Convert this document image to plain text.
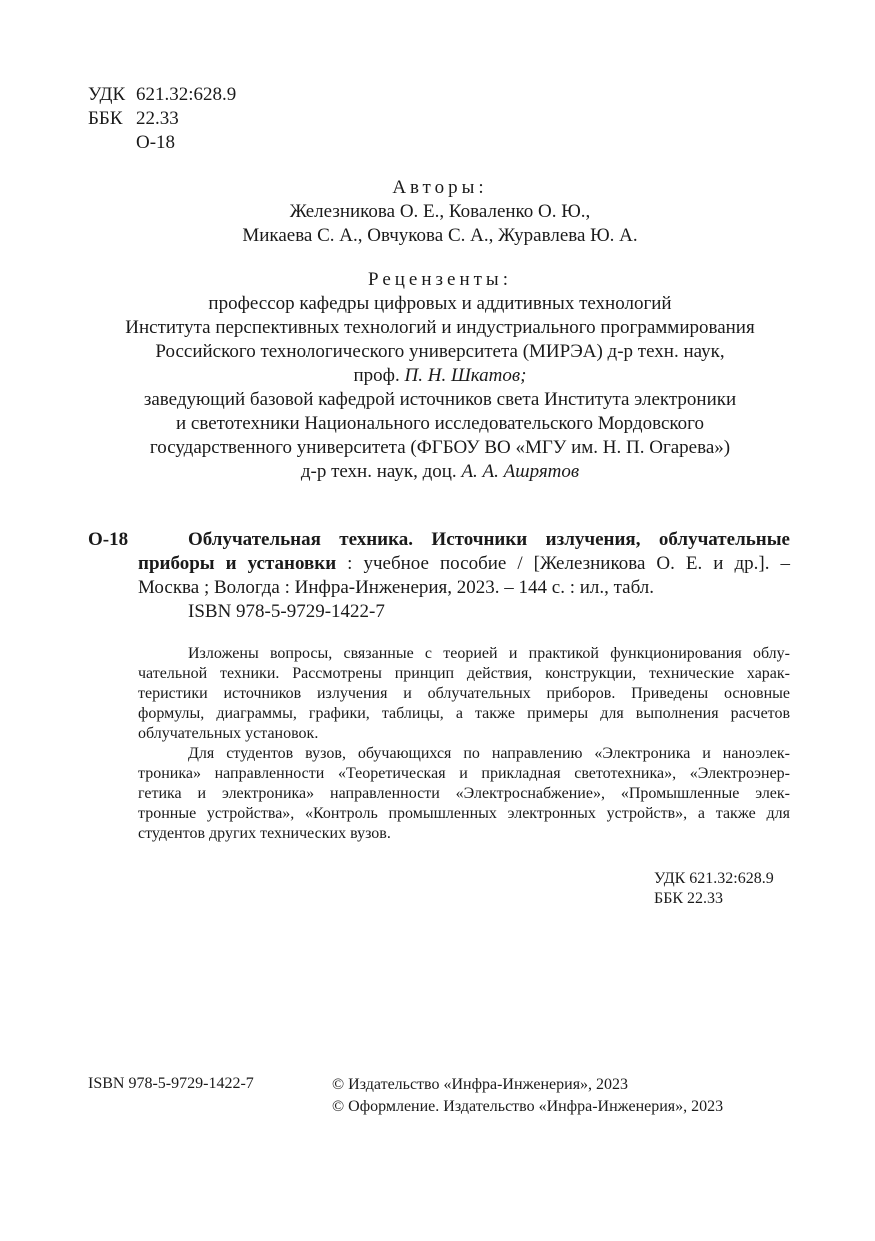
УДК 621.32:628.9
ББК 22.33
О-18
Авторы:
Железникова О. Е., Коваленко О. Ю.,
Микаева С. А., Овчукова С. А., Журавлева Ю. А.
Рецензенты:
профессор кафедры цифровых и аддитивных технологий
Института перспективных технологий и индустриального программирования
Российского технологического университета (МИРЭА) д-р техн. наук,
проф. П. Н. Шкатов;
заведующий базовой кафедрой источников света Института электроники
и светотехники Национального исследовательского Мордовского
государственного университета (ФГБОУ ВО «МГУ им. Н. П. Огарева»)
д-р техн. наук, доц. А. А. Ашрятов
О-18	Облучательная техника. Источники излучения, облучательные
приборы и установки : учебное пособие / [Железникова О. Е. и др.]. –
Москва ; Вологда : Инфра-Инженерия, 2023. – 144 с. : ил., табл.
ISBN 978-5-9729-1422-7
Изложены вопросы, связанные с теорией и практикой функционирования облу-
чательной техники. Рассмотрены принцип действия, конструкции, технические харак-
теристики источников излучения и облучательных приборов. Приведены основные
формулы, диаграммы, графики, таблицы, а также примеры для выполнения расчетов
облучательных установок.
Для студентов вузов, обучающихся по направлению «Электроника и наноэлек-
троника» направленности «Теоретическая и прикладная светотехника», «Электроэнер-
гетика и электроника» направленности «Электроснабжение», «Промышленные элек-
тронные устройства», «Контроль промышленных электронных устройств», а также для
студентов других технических вузов.
УДК 621.32:628.9
ББК 22.33
ISBN 978-5-9729-1422-7	© Издательство «Инфра-Инженерия», 2023
© Оформление. Издательство «Инфра-Инженерия», 2023
